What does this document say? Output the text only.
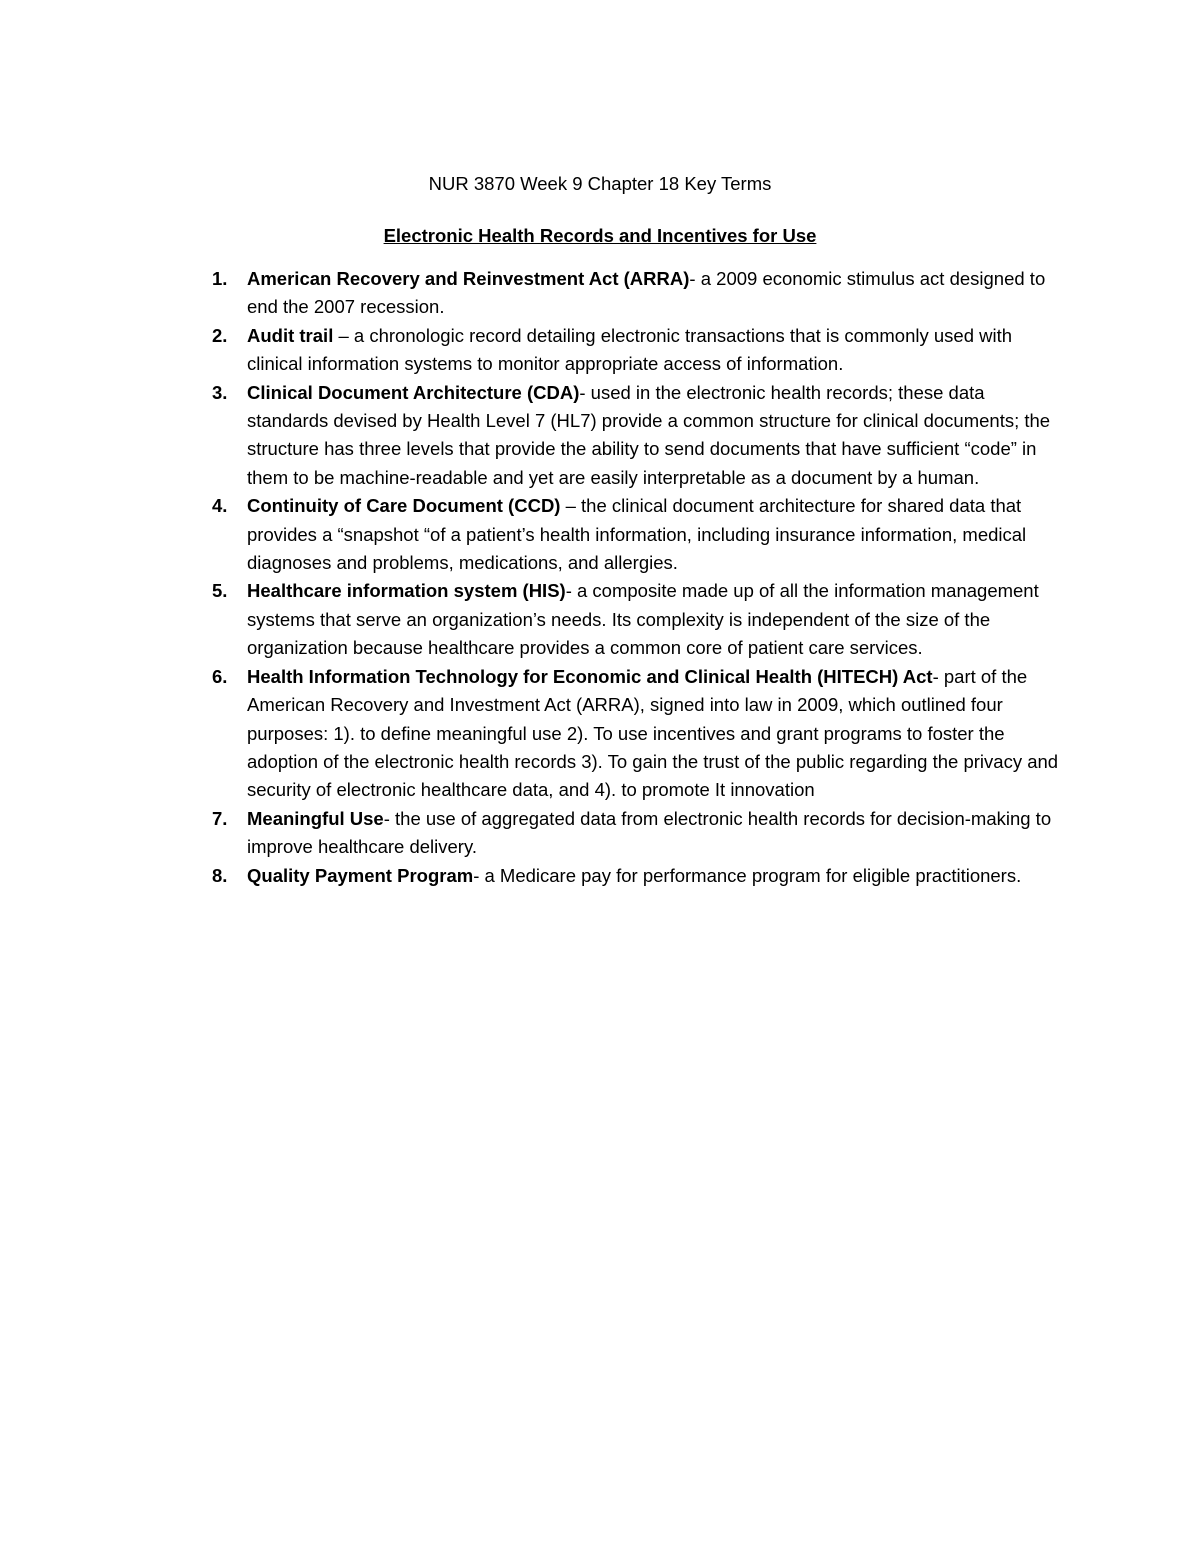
NUR 3870 Week 9 Chapter 18 Key Terms
Electronic Health Records and Incentives for Use
1. American Recovery and Reinvestment Act (ARRA)- a 2009 economic stimulus act designed to end the 2007 recession.
2. Audit trail – a chronologic record detailing electronic transactions that is commonly used with clinical information systems to monitor appropriate access of information.
3. Clinical Document Architecture (CDA)- used in the electronic health records; these data standards devised by Health Level 7 (HL7) provide a common structure for clinical documents; the structure has three levels that provide the ability to send documents that have sufficient “code” in them to be machine-readable and yet are easily interpretable as a document by a human.
4. Continuity of Care Document (CCD) – the clinical document architecture for shared data that provides a “snapshot “of a patient’s health information, including insurance information, medical diagnoses and problems, medications, and allergies.
5. Healthcare information system (HIS)- a composite made up of all the information management systems that serve an organization’s needs. Its complexity is independent of the size of the organization because healthcare provides a common core of patient care services.
6. Health Information Technology for Economic and Clinical Health (HITECH) Act- part of the American Recovery and Investment Act (ARRA), signed into law in 2009, which outlined four purposes: 1). to define meaningful use 2). To use incentives and grant programs to foster the adoption of the electronic health records 3). To gain the trust of the public regarding the privacy and security of electronic healthcare data, and 4). to promote It innovation
7. Meaningful Use- the use of aggregated data from electronic health records for decision-making to improve healthcare delivery.
8. Quality Payment Program- a Medicare pay for performance program for eligible practitioners.
